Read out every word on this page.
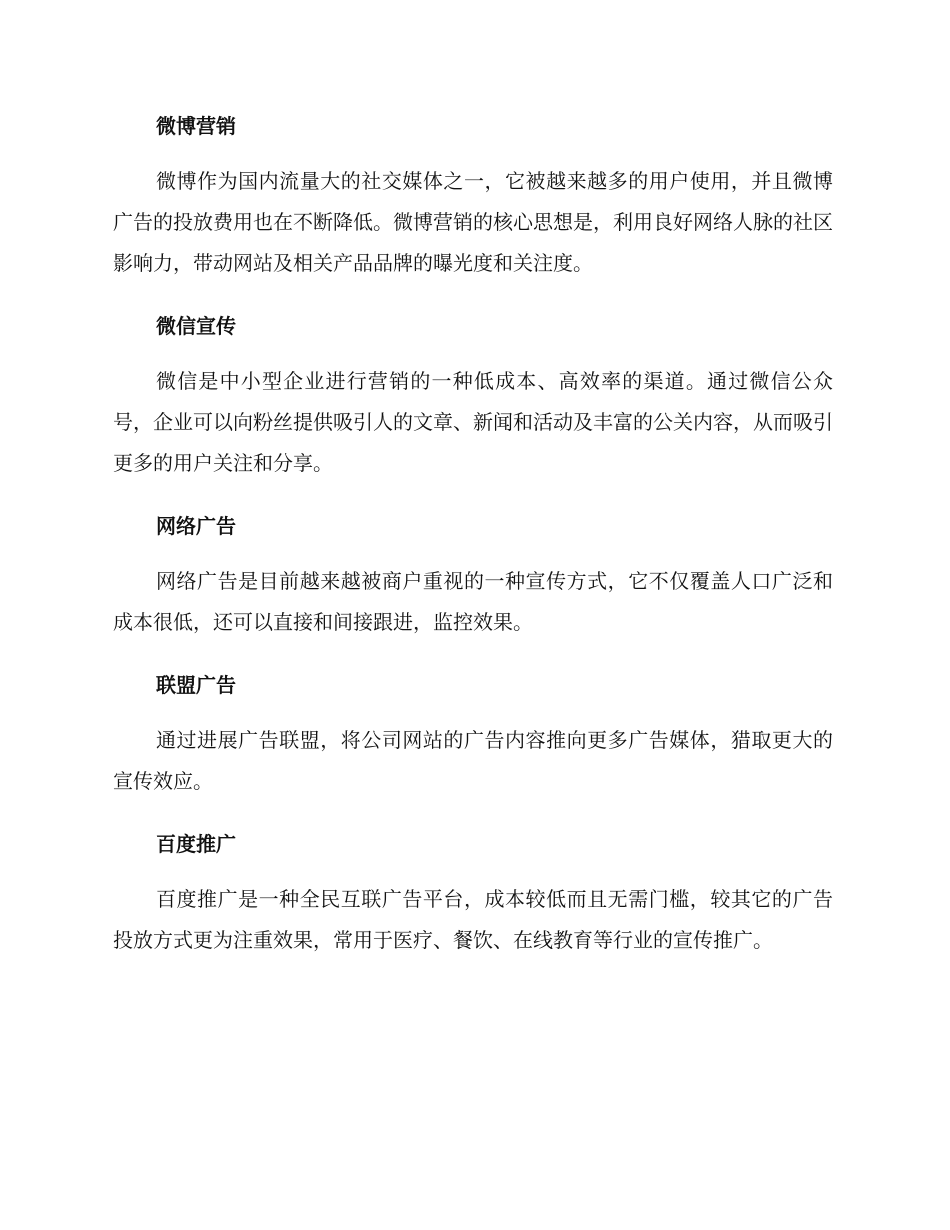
微博营销

微博作为国内流量大的社交媒体之一，它被越来越多的用户使用，并且微博广告的投放费用也在不断降低。微博营销的核心思想是，利用良好网络人脉的社区影响力，带动网站及相关产品品牌的曝光度和关注度。

微信宣传

微信是中小型企业进行营销的一种低成本、高效率的渠道。通过微信公众号，企业可以向粉丝提供吸引人的文章、新闻和活动及丰富的公关内容，从而吸引更多的用户关注和分享。

网络广告

网络广告是目前越来越被商户重视的一种宣传方式，它不仅覆盖人口广泛和成本很低，还可以直接和间接跟进，监控效果。

联盟广告

通过进展广告联盟，将公司网站的广告内容推向更多广告媒体，猎取更大的宣传效应。

百度推广

百度推广是一种全民互联广告平台，成本较低而且无需门槛，较其它的广告投放方式更为注重效果，常用于医疗、餐饮、在线教育等行业的宣传推广。
